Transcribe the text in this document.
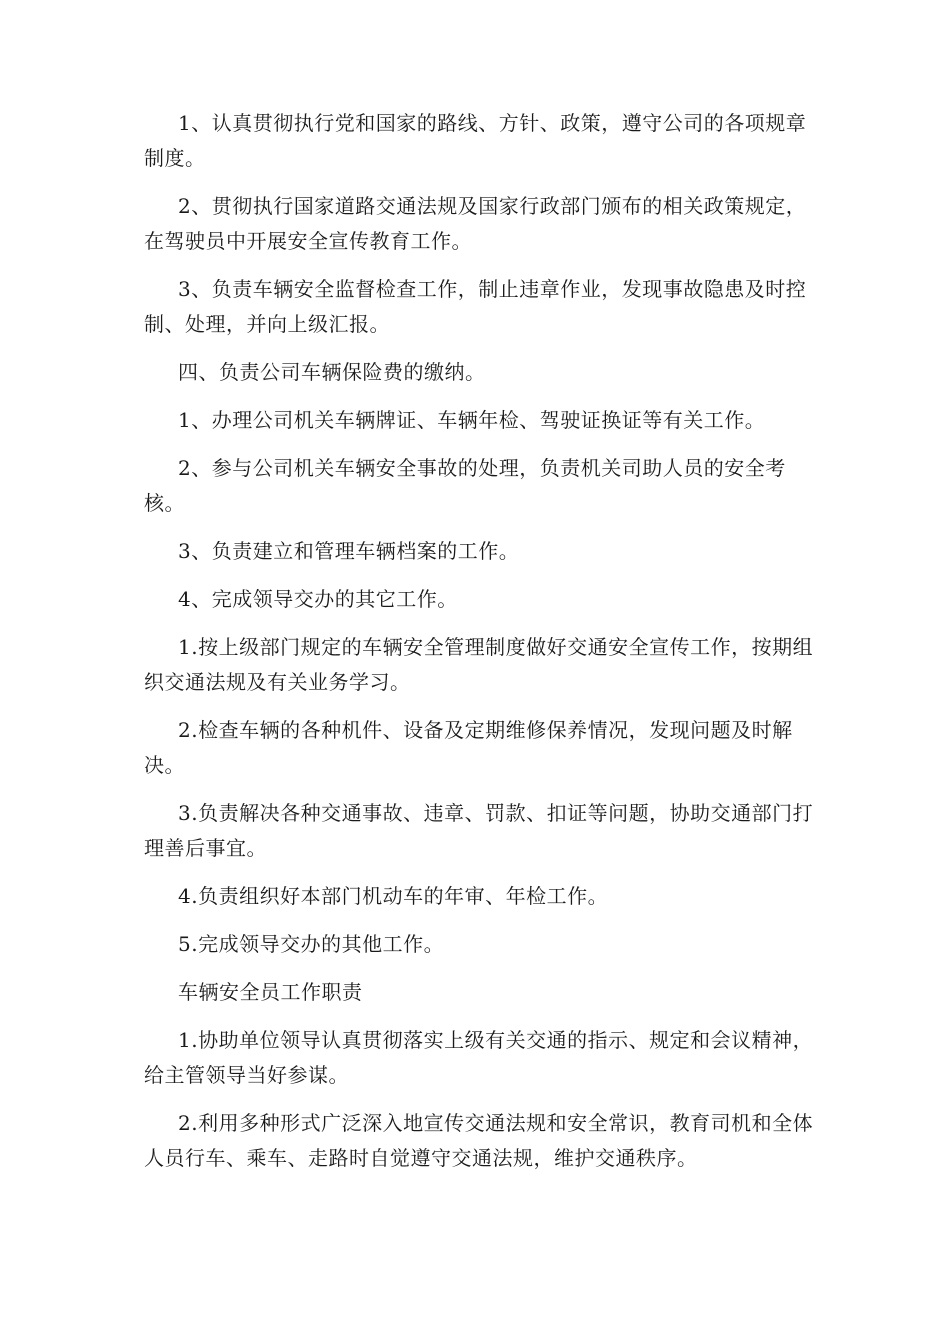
1、认真贯彻执行党和国家的路线、方针、政策，遵守公司的各项规章制度。

2、贯彻执行国家道路交通法规及国家行政部门颁布的相关政策规定，在驾驶员中开展安全宣传教育工作。

3、负责车辆安全监督检查工作，制止违章作业，发现事故隐患及时控制、处理，并向上级汇报。

四、负责公司车辆保险费的缴纳。

1、办理公司机关车辆牌证、车辆年检、驾驶证换证等有关工作。

2、参与公司机关车辆安全事故的处理，负责机关司助人员的安全考核。

3、负责建立和管理车辆档案的工作。

4、完成领导交办的其它工作。

1.按上级部门规定的车辆安全管理制度做好交通安全宣传工作，按期组织交通法规及有关业务学习。

2.检查车辆的各种机件、设备及定期维修保养情况，发现问题及时解决。

3.负责解决各种交通事故、违章、罚款、扣证等问题，协助交通部门打理善后事宜。

4.负责组织好本部门机动车的年审、年检工作。

5.完成领导交办的其他工作。

车辆安全员工作职责

1.协助单位领导认真贯彻落实上级有关交通的指示、规定和会议精神，给主管领导当好参谋。

2.利用多种形式广泛深入地宣传交通法规和安全常识，教育司机和全体人员行车、乘车、走路时自觉遵守交通法规，维护交通秩序。
